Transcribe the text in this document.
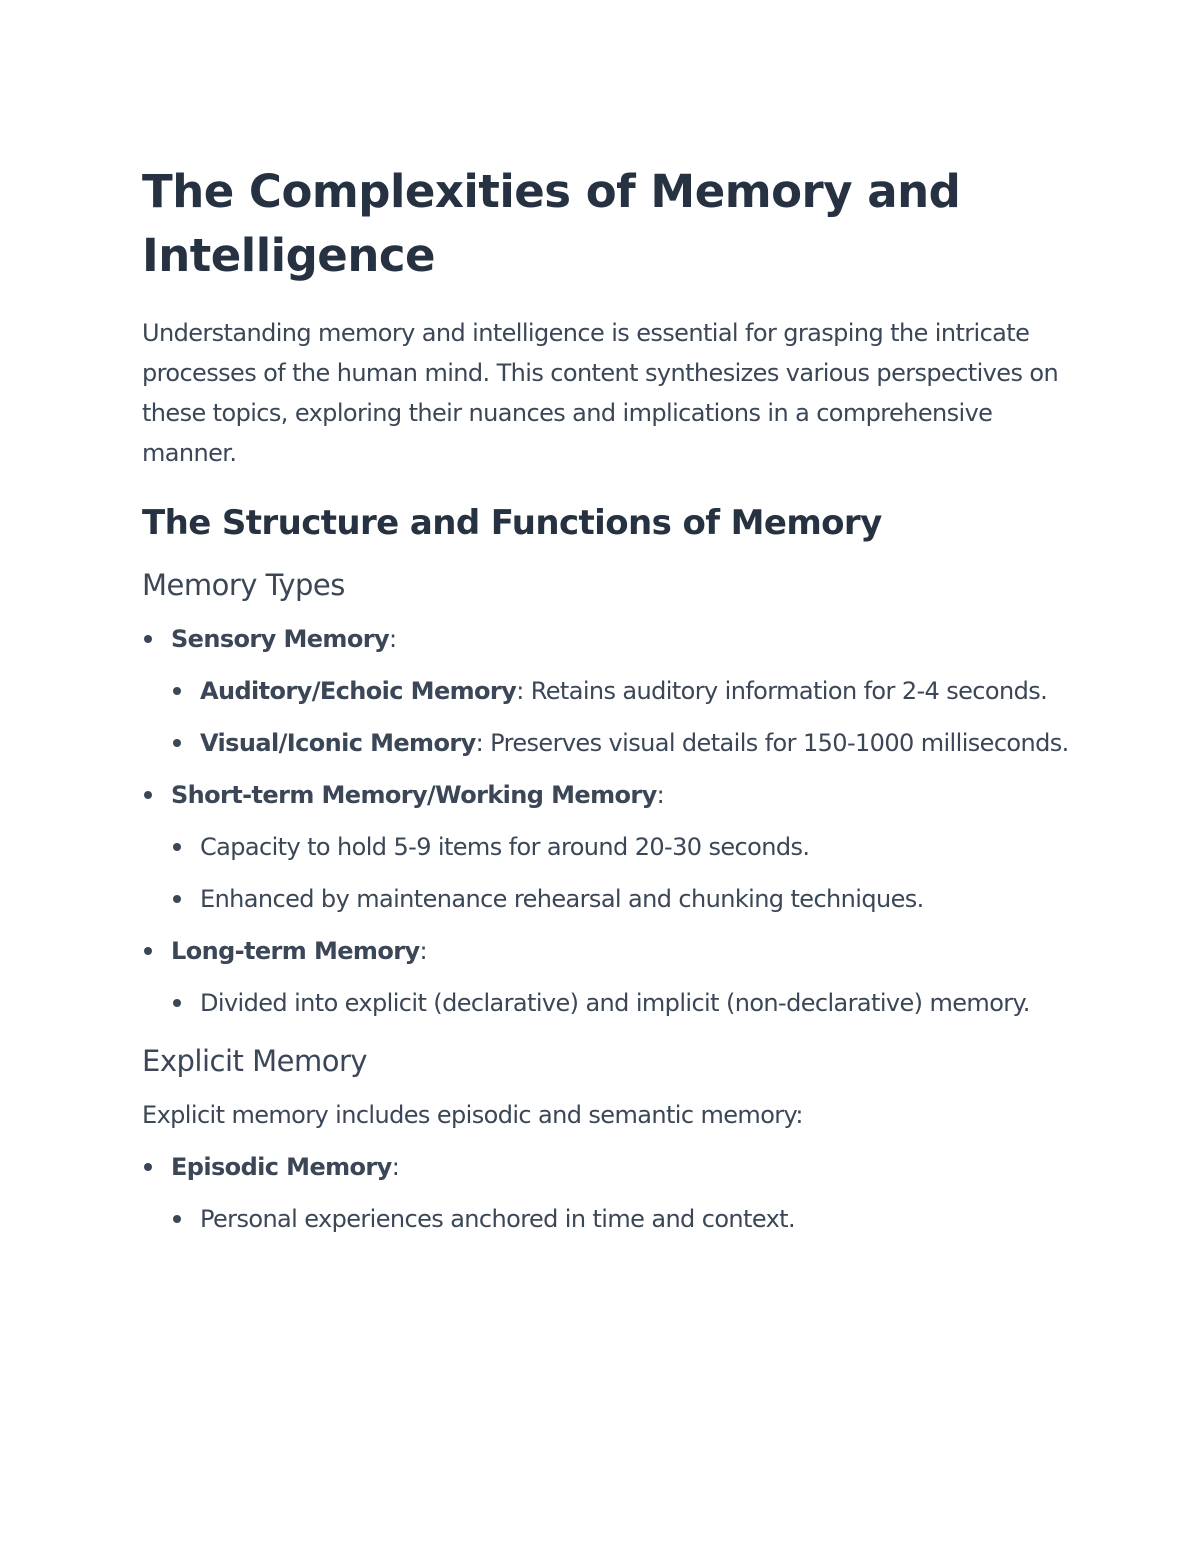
The Complexities of Memory and Intelligence

Understanding memory and intelligence is essential for grasping the intricate processes of the human mind. This content synthesizes various perspectives on these topics, exploring their nuances and implications in a comprehensive manner.

The Structure and Functions of Memory
Memory Types
Sensory Memory:
Auditory/Echoic Memory: Retains auditory information for 2-4 seconds.
Visual/Iconic Memory: Preserves visual details for 150-1000 milliseconds.
Short-term Memory/Working Memory:
Capacity to hold 5-9 items for around 20-30 seconds.
Enhanced by maintenance rehearsal and chunking techniques.
Long-term Memory:
Divided into explicit (declarative) and implicit (non-declarative) memory.
Explicit Memory

Explicit memory includes episodic and semantic memory:

Episodic Memory:
Personal experiences anchored in time and context.
